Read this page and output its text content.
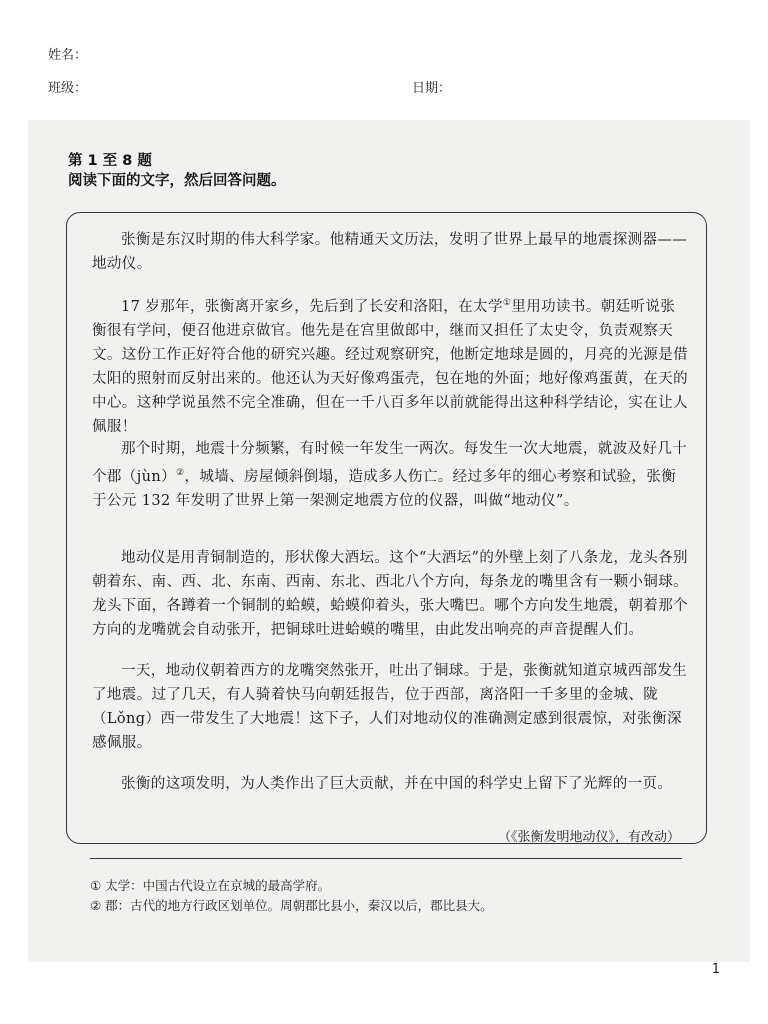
姓名：
班级：	日期：
第 1 至 8 题
阅读下面的文字，然后回答问题。

张衡是东汉时期的伟大科学家。他精通天文历法，发明了世界上最早的地震探测器——地动仪。

17 岁那年，张衡离开家乡，先后到了长安和洛阳，在太学①里用功读书。朝廷听说张衡很有学问，便召他进京做官。他先是在宫里做郎中，继而又担任了太史令，负责观察天文。这份工作正好符合他的研究兴趣。经过观察研究，他断定地球是圆的，月亮的光源是借太阳的照射而反射出来的。他还认为天好像鸡蛋壳，包在地的外面；地好像鸡蛋黄，在天的中心。这种学说虽然不完全准确，但在一千八百多年以前就能得出这种科学结论，实在让人佩服！

那个时期，地震十分频繁，有时候一年发生一两次。每发生一次大地震，就波及好几十个郡（jùn）②，城墙、房屋倾斜倒塌，造成多人伤亡。经过多年的细心考察和试验，张衡于公元 132 年发明了世界上第一架测定地震方位的仪器，叫做“地动仪”。

地动仪是用青铜制造的，形状像大酒坛。这个“大酒坛”的外壁上刻了八条龙，龙头各别朝着东、南、西、北、东南、西南、东北、西北八个方向，每条龙的嘴里含有一颗小铜球。龙头下面，各蹲着一个铜制的蛤蟆，蛤蟆仰着头，张大嘴巴。哪个方向发生地震，朝着那个方向的龙嘴就会自动张开，把铜球吐进蛤蟆的嘴里，由此发出响亮的声音提醒人们。

一天，地动仪朝着西方的龙嘴突然张开，吐出了铜球。于是，张衡就知道京城西部发生了地震。过了几天，有人骑着快马向朝廷报告，位于西部，离洛阳一千多里的金城、陇（Lǒng）西一带发生了大地震！这下子，人们对地动仪的准确测定感到很震惊，对张衡深感佩服。

张衡的这项发明，为人类作出了巨大贡献，并在中国的科学史上留下了光辉的一页。

（《张衡发明地动仪》，有改动）
① 太学：中国古代设立在京城的最高学府。
② 郡：古代的地方行政区划单位。周朝郡比县小，秦汉以后，郡比县大。
1
